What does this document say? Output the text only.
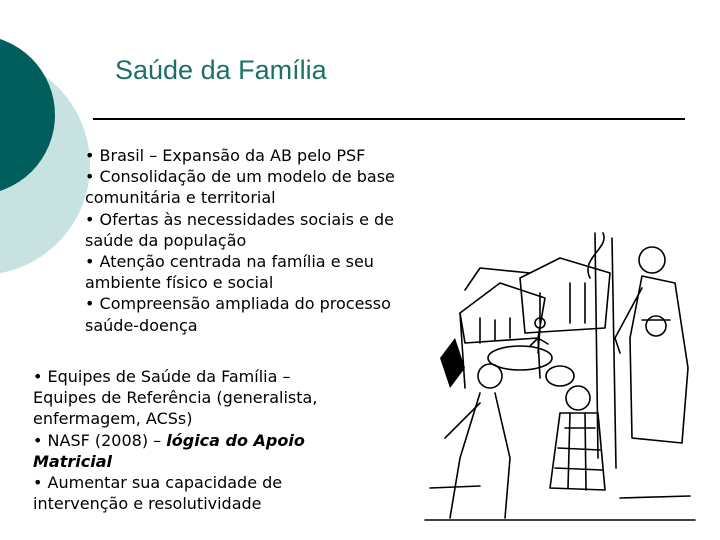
Saúde da Família
• Brasil – Expansão da AB pelo PSF
• Consolidação de um modelo de base
comunitária e territorial
• Ofertas às necessidades sociais e de
saúde da população
• Atenção centrada na família e seu
ambiente físico e social
• Compreensão ampliada do processo
saúde-doença
• Equipes de Saúde da Família –
Equipes de Referência (generalista,
enfermagem, ACSs)
• NASF (2008) – lógica do Apoio
Matricial
• Aumentar sua capacidade de
intervenção e resolutividade
